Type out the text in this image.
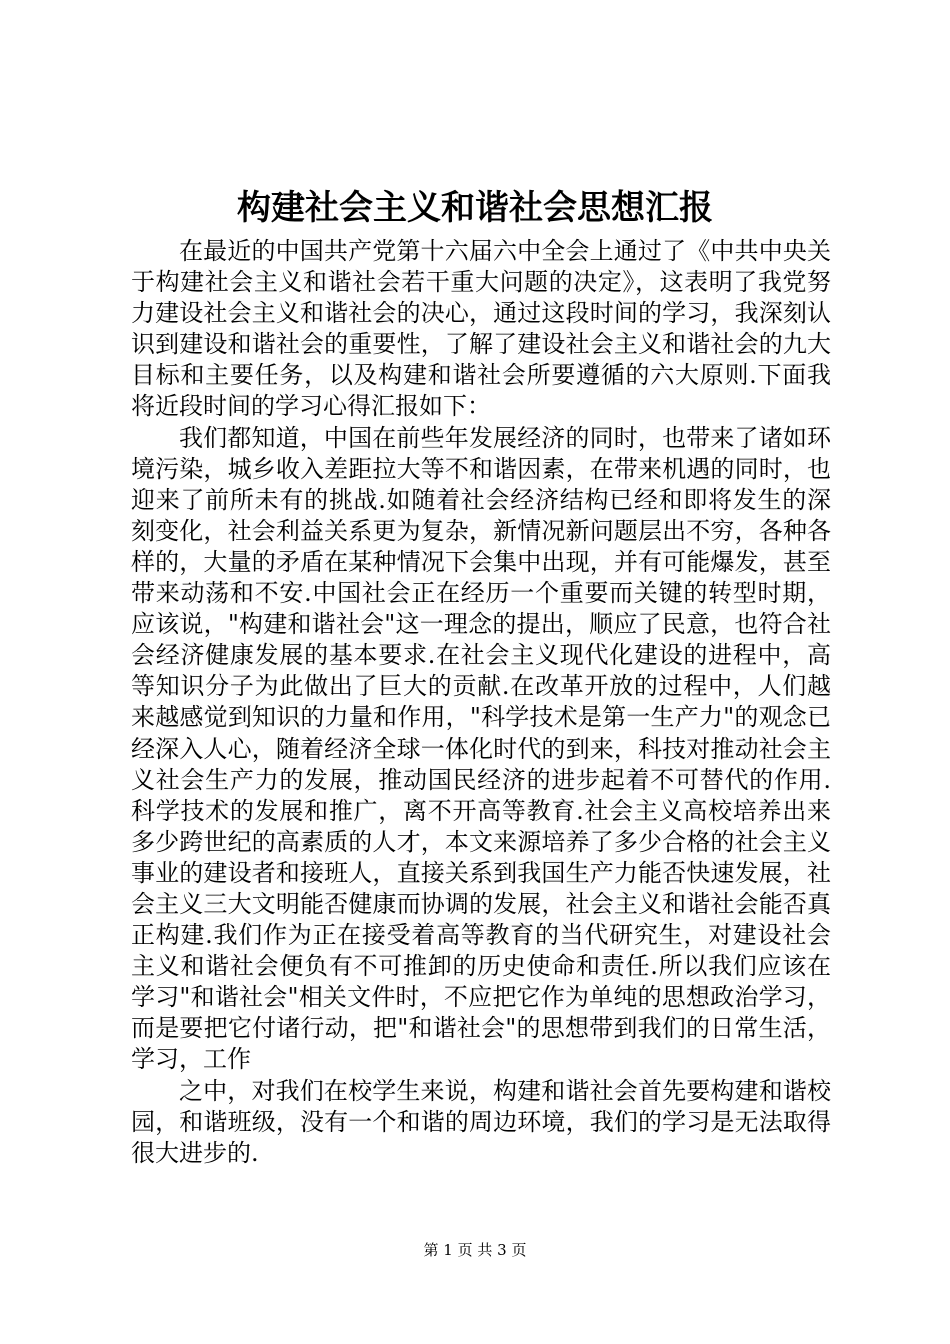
构建社会主义和谐社会思想汇报

在最近的中国共产党第十六届六中全会上通过了《中共中央关于构建社会主义和谐社会若干重大问题的决定》，这表明了我党努力建设社会主义和谐社会的决心，通过这段时间的学习，我深刻认识到建设和谐社会的重要性，了解了建设社会主义和谐社会的九大目标和主要任务，以及构建和谐社会所要遵循的六大原则.下面我将近段时间的学习心得汇报如下：

我们都知道，中国在前些年发展经济的同时，也带来了诸如环境污染，城乡收入差距拉大等不和谐因素，在带来机遇的同时，也迎来了前所未有的挑战.如随着社会经济结构已经和即将发生的深刻变化，社会利益关系更为复杂，新情况新问题层出不穷，各种各样的，大量的矛盾在某种情况下会集中出现，并有可能爆发，甚至带来动荡和不安.中国社会正在经历一个重要而关键的转型时期，应该说，"构建和谐社会"这一理念的提出，顺应了民意，也符合社会经济健康发展的基本要求.在社会主义现代化建设的进程中，高等知识分子为此做出了巨大的贡献.在改革开放的过程中，人们越来越感觉到知识的力量和作用，"科学技术是第一生产力"的观念已经深入人心，随着经济全球一体化时代的到来，科技对推动社会主义社会生产力的发展，推动国民经济的进步起着不可替代的作用.科学技术的发展和推广，离不开高等教育.社会主义高校培养出来多少跨世纪的高素质的人才，本文来源培养了多少合格的社会主义事业的建设者和接班人，直接关系到我国生产力能否快速发展，社会主义三大文明能否健康而协调的发展，社会主义和谐社会能否真正构建.我们作为正在接受着高等教育的当代研究生，对建设社会主义和谐社会便负有不可推卸的历史使命和责任.所以我们应该在学习"和谐社会"相关文件时，不应把它作为单纯的思想政治学习，而是要把它付诸行动，把"和谐社会"的思想带到我们的日常生活，学习，工作

之中，对我们在校学生来说，构建和谐社会首先要构建和谐校园，和谐班级，没有一个和谐的周边环境，我们的学习是无法取得很大进步的.

第 1 页 共 3 页
